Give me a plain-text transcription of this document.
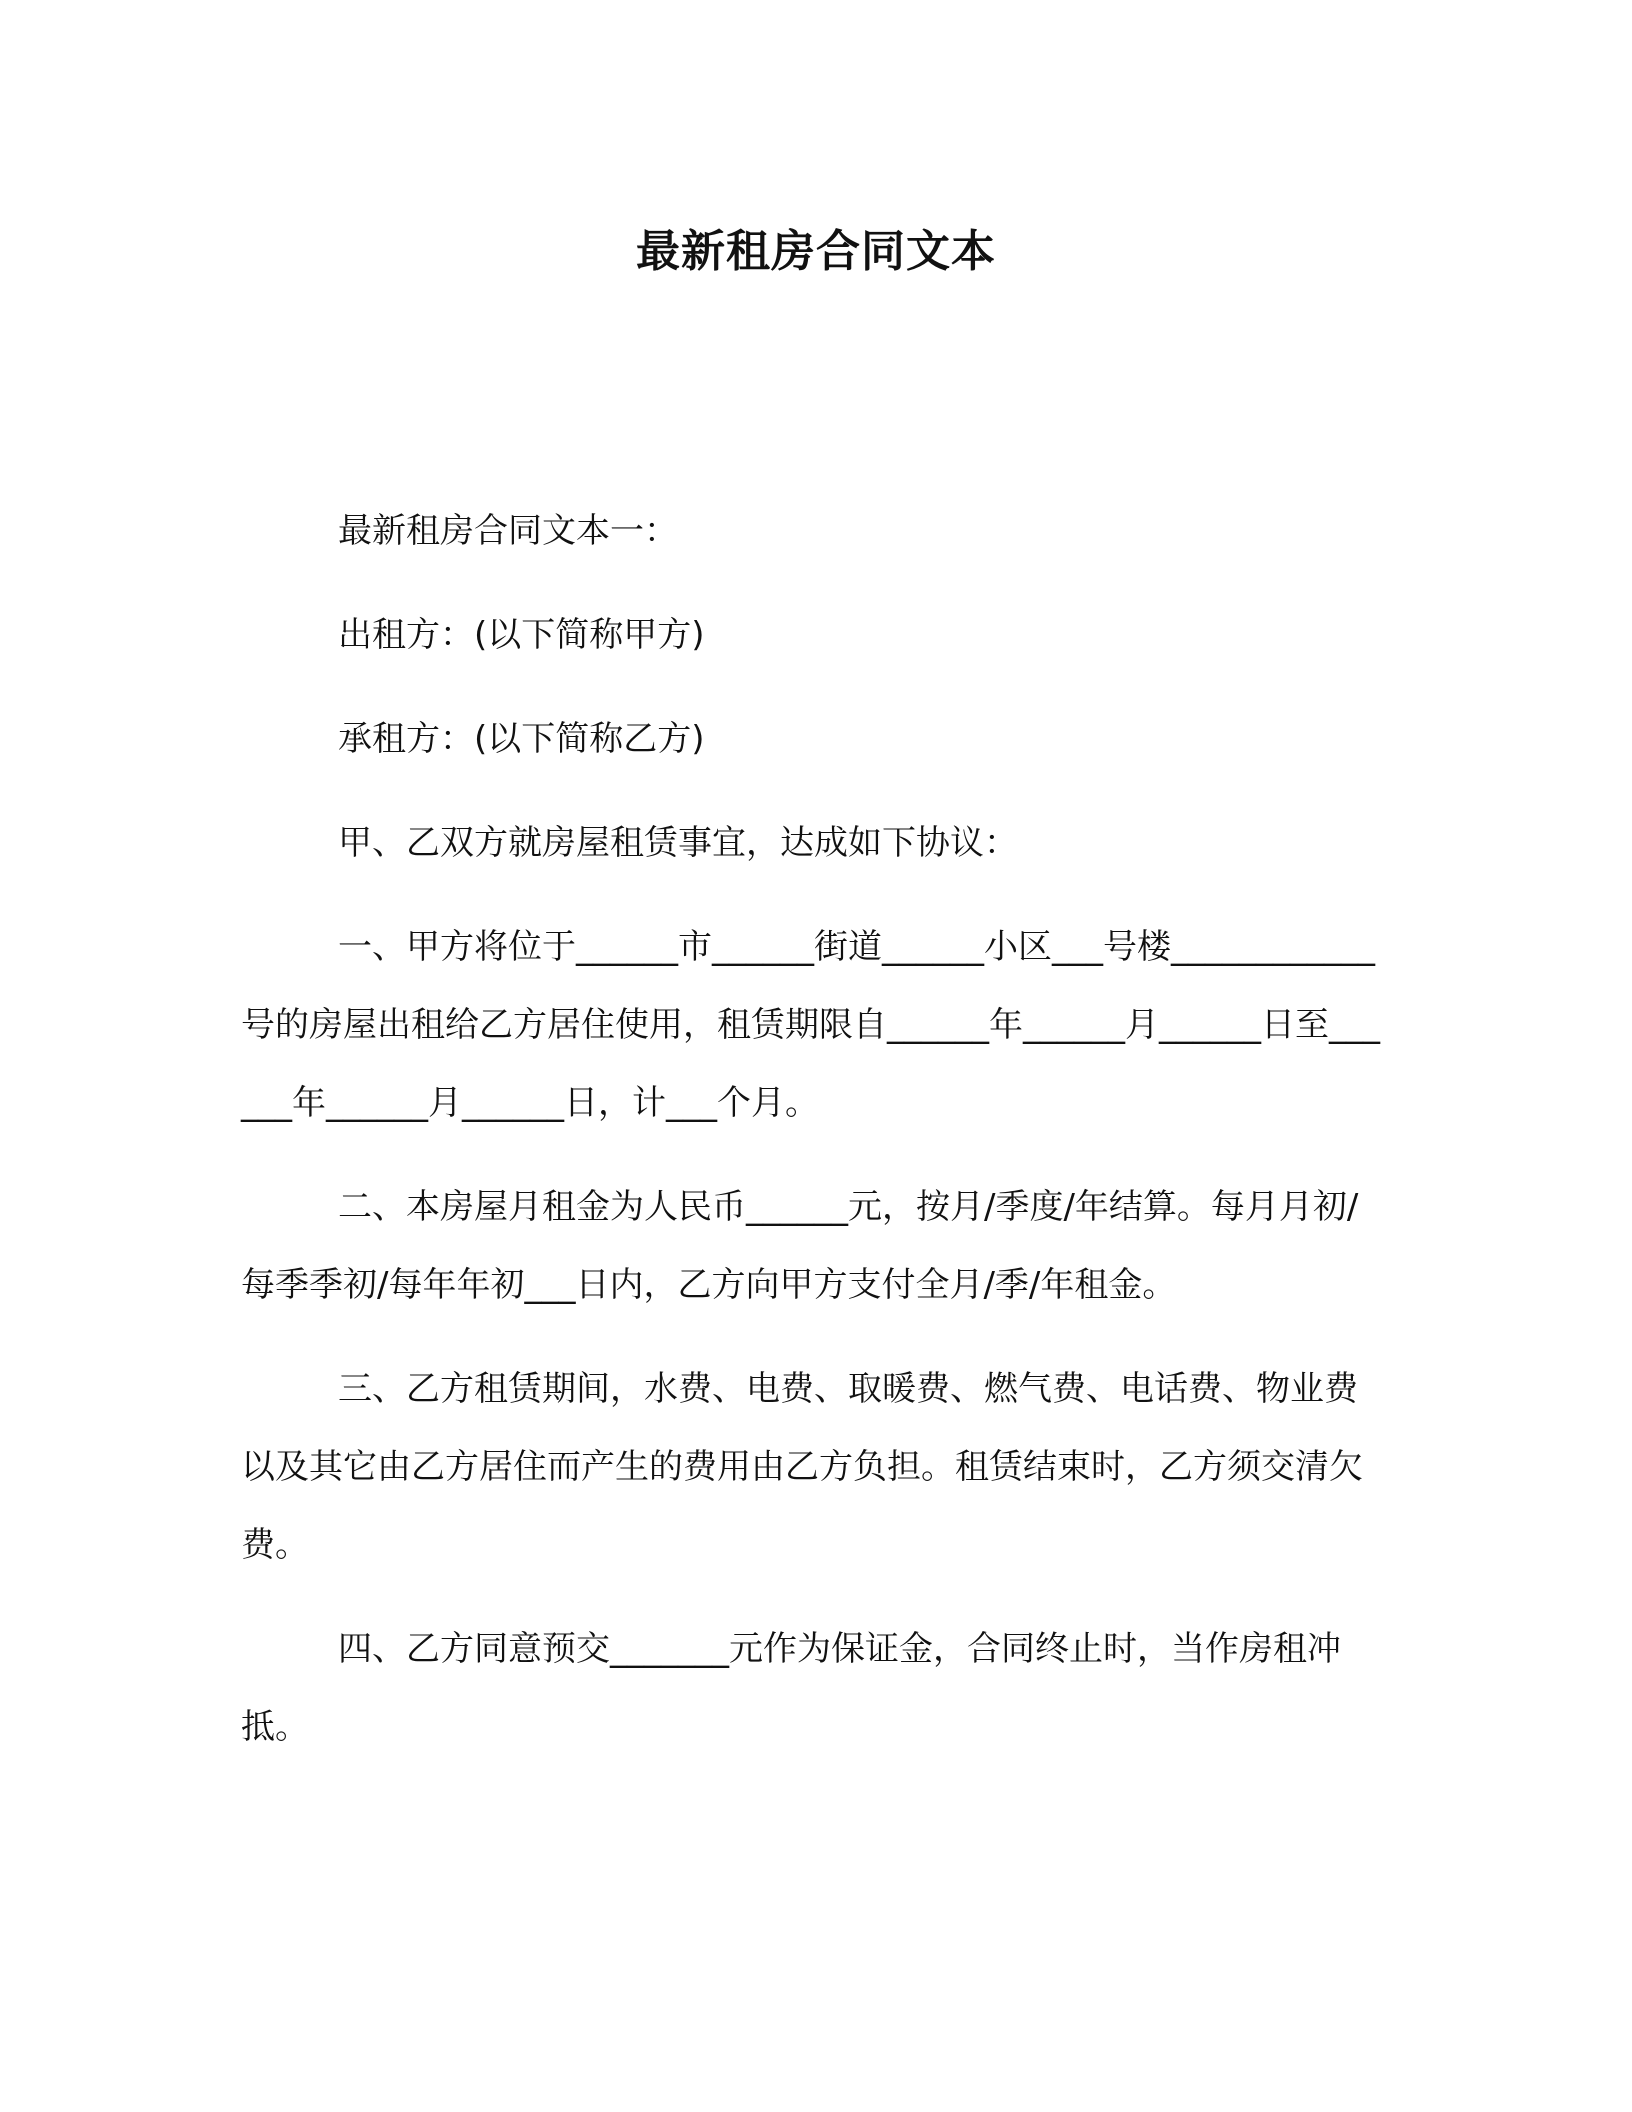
最新租房合同文本

最新租房合同文本一：

出租方：(以下简称甲方)

承租方：(以下简称乙方)

甲、乙双方就房屋租赁事宜，达成如下协议：

一、甲方将位于______市______街道______小区___号楼____________号的房屋出租给乙方居住使用，租赁期限自______年______月______日至______年______月______日，计___个月。

二、本房屋月租金为人民币______元，按月/季度/年结算。每月月初/每季季初/每年年初___日内，乙方向甲方支付全月/季/年租金。

三、乙方租赁期间，水费、电费、取暖费、燃气费、电话费、物业费以及其它由乙方居住而产生的费用由乙方负担。租赁结束时，乙方须交清欠费。

四、乙方同意预交_______元作为保证金，合同终止时，当作房租冲抵。
